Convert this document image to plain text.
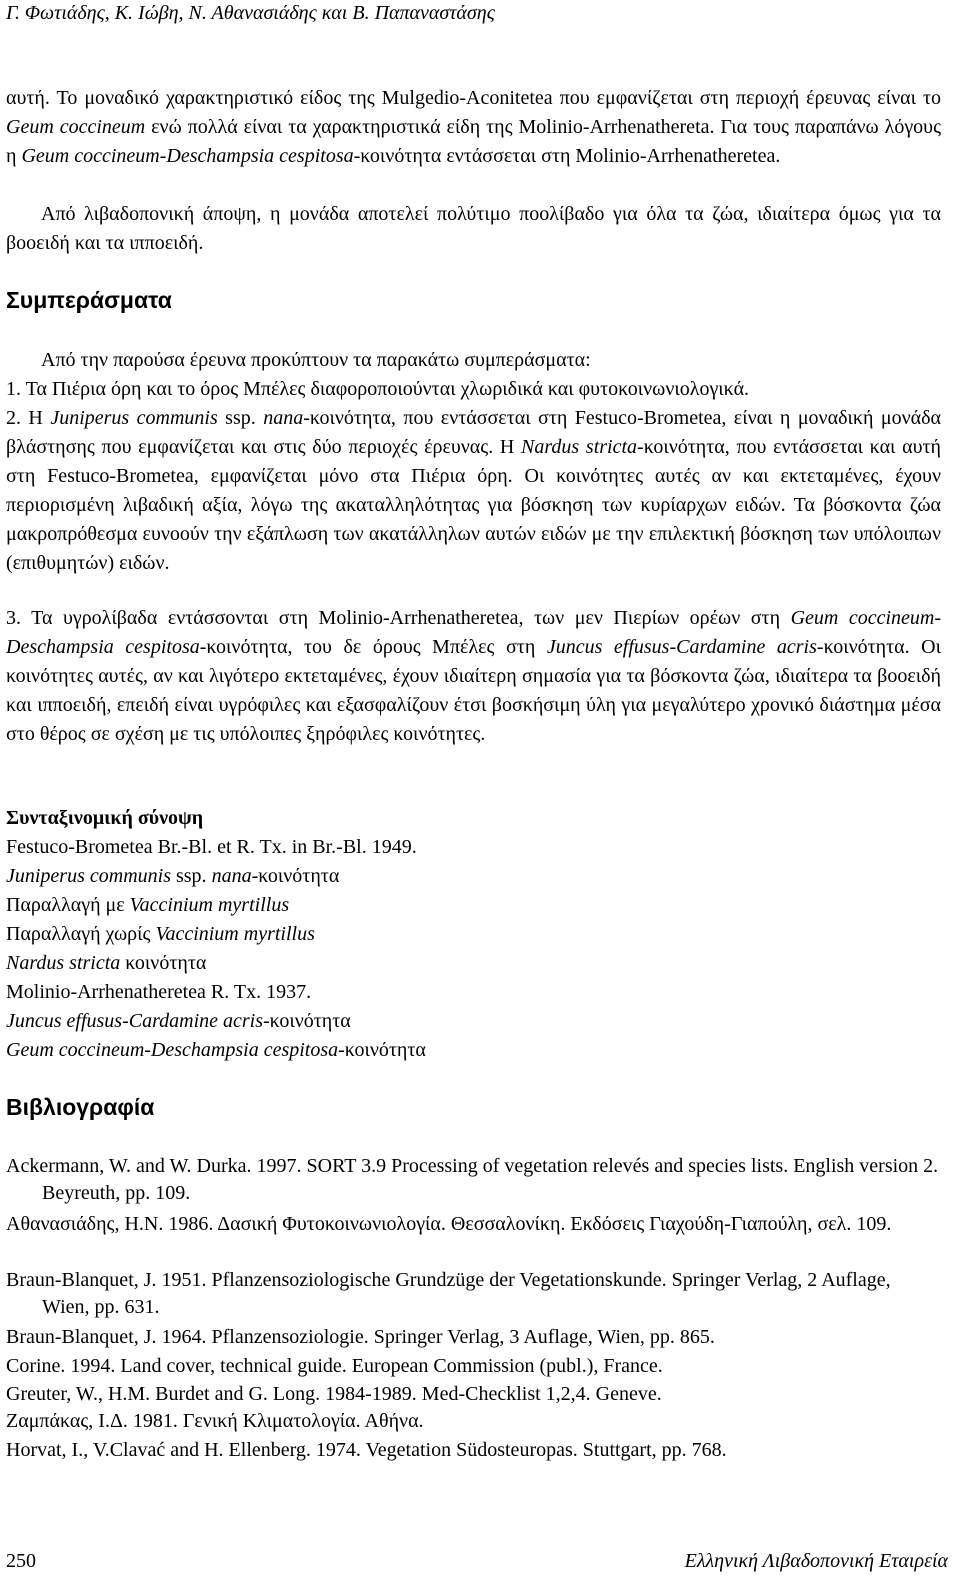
Γ. Φωτιάδης, Κ. Ιώβη, Ν. Αθανασιάδης και Β. Παπαναστάσης

αυτή. Το μοναδικό χαρακτηριστικό είδος της Mulgedio-Aconitetea που εμφανίζεται στη περιοχή έρευνας είναι το Geum coccineum ενώ πολλά είναι τα χαρακτηριστικά είδη της Molinio-Arrhenathereta. Για τους παραπάνω λόγους η Geum coccineum-Deschampsia cespitosa-κοινότητα εντάσσεται στη Molinio-Arrhenatheretea.

Από λιβαδοπονική άποψη, η μονάδα αποτελεί πολύτιμο ποολίβαδο για όλα τα ζώα, ιδιαίτερα όμως για τα βοοειδή και τα ιπποειδή.

Συμπεράσματα
Από την παρούσα έρευνα προκύπτουν τα παρακάτω συμπεράσματα:
1. Τα Πιέρια όρη και το όρος Μπέλες διαφοροποιούνται χλωριδικά και φυτοκοινωνιολογικά.

2. Η Juniperus communis ssp. nana-κοινότητα, που εντάσσεται στη Festuco-Brometea, είναι η μοναδική μονάδα βλάστησης που εμφανίζεται και στις δύο περιοχές έρευνας. Η Nardus stricta-κοινότητα, που εντάσσεται και αυτή στη Festuco-Brometea, εμφανίζεται μόνο στα Πιέρια όρη. Οι κοινότητες αυτές αν και εκτεταμένες, έχουν περιορισμένη λιβαδική αξία, λόγω της ακαταλληλότητας για βόσκηση των κυρίαρχων ειδών. Τα βόσκοντα ζώα μακροπρόθεσμα ευνοούν την εξάπλωση των ακατάλληλων αυτών ειδών με την επιλεκτική βόσκηση των υπόλοιπων (επιθυμητών) ειδών.

3. Τα υγρολίβαδα εντάσσονται στη Molinio-Arrhenatheretea, των μεν Πιερίων ορέων στη Geum coccineum-Deschampsia cespitosa-κοινότητα, του δε όρους Μπέλες στη Juncus effusus-Cardamine acris-κοινότητα. Οι κοινότητες αυτές, αν και λιγότερο εκτεταμένες, έχουν ιδιαίτερη σημασία για τα βόσκοντα ζώα, ιδιαίτερα τα βοοειδή και ιπποειδή, επειδή είναι υγρόφιλες και εξασφαλίζουν έτσι βοσκήσιμη ύλη για μεγαλύτερο χρονικό διάστημα μέσα στο θέρος σε σχέση με τις υπόλοιπες ξηρόφιλες κοινότητες.

Συνταξινομική σύνοψη
Festuco-Brometea Br.-Bl. et R. Tx. in Br.-Bl. 1949.
Juniperus communis ssp. nana-κοινότητα
Παραλλαγή με Vaccinium myrtillus
Παραλλαγή χωρίς Vaccinium myrtillus
Nardus stricta κοινότητα
Molinio-Arrhenatheretea R. Tx. 1937.
Juncus effusus-Cardamine acris-κοινότητα
Geum coccineum-Deschampsia cespitosa-κοινότητα
Βιβλιογραφία
Ackermann, W. and W. Durka. 1997. SORT 3.9 Processing of vegetation relevés and species lists. English version 2. Beyreuth, pp. 109.
Αθανασιάδης, Η.Ν. 1986. Δασική Φυτοκοινωνιολογία. Θεσσαλονίκη. Εκδόσεις Γιαχούδη-Γιαπούλη, σελ. 109.
Braun-Blanquet, J. 1951. Pflanzensoziologische Grundzüge der Vegetationskunde. Springer Verlag, 2 Auflage, Wien, pp. 631.
Braun-Blanquet, J. 1964. Pflanzensoziologie. Springer Verlag, 3 Auflage, Wien, pp. 865.
Corine. 1994. Land cover, technical guide. European Commission (publ.), France.
Greuter, W., H.M. Burdet and G. Long. 1984-1989. Med-Checklist 1,2,4. Geneve.
Ζαμπάκας, Ι.Δ. 1981. Γενική Κλιματολογία. Αθήνα.
Horvat, I., V.Clavać and H. Ellenberg. 1974. Vegetation Südosteuropas. Stuttgart, pp. 768.
250	Ελληνική Λιβαδοπονική Εταιρεία
